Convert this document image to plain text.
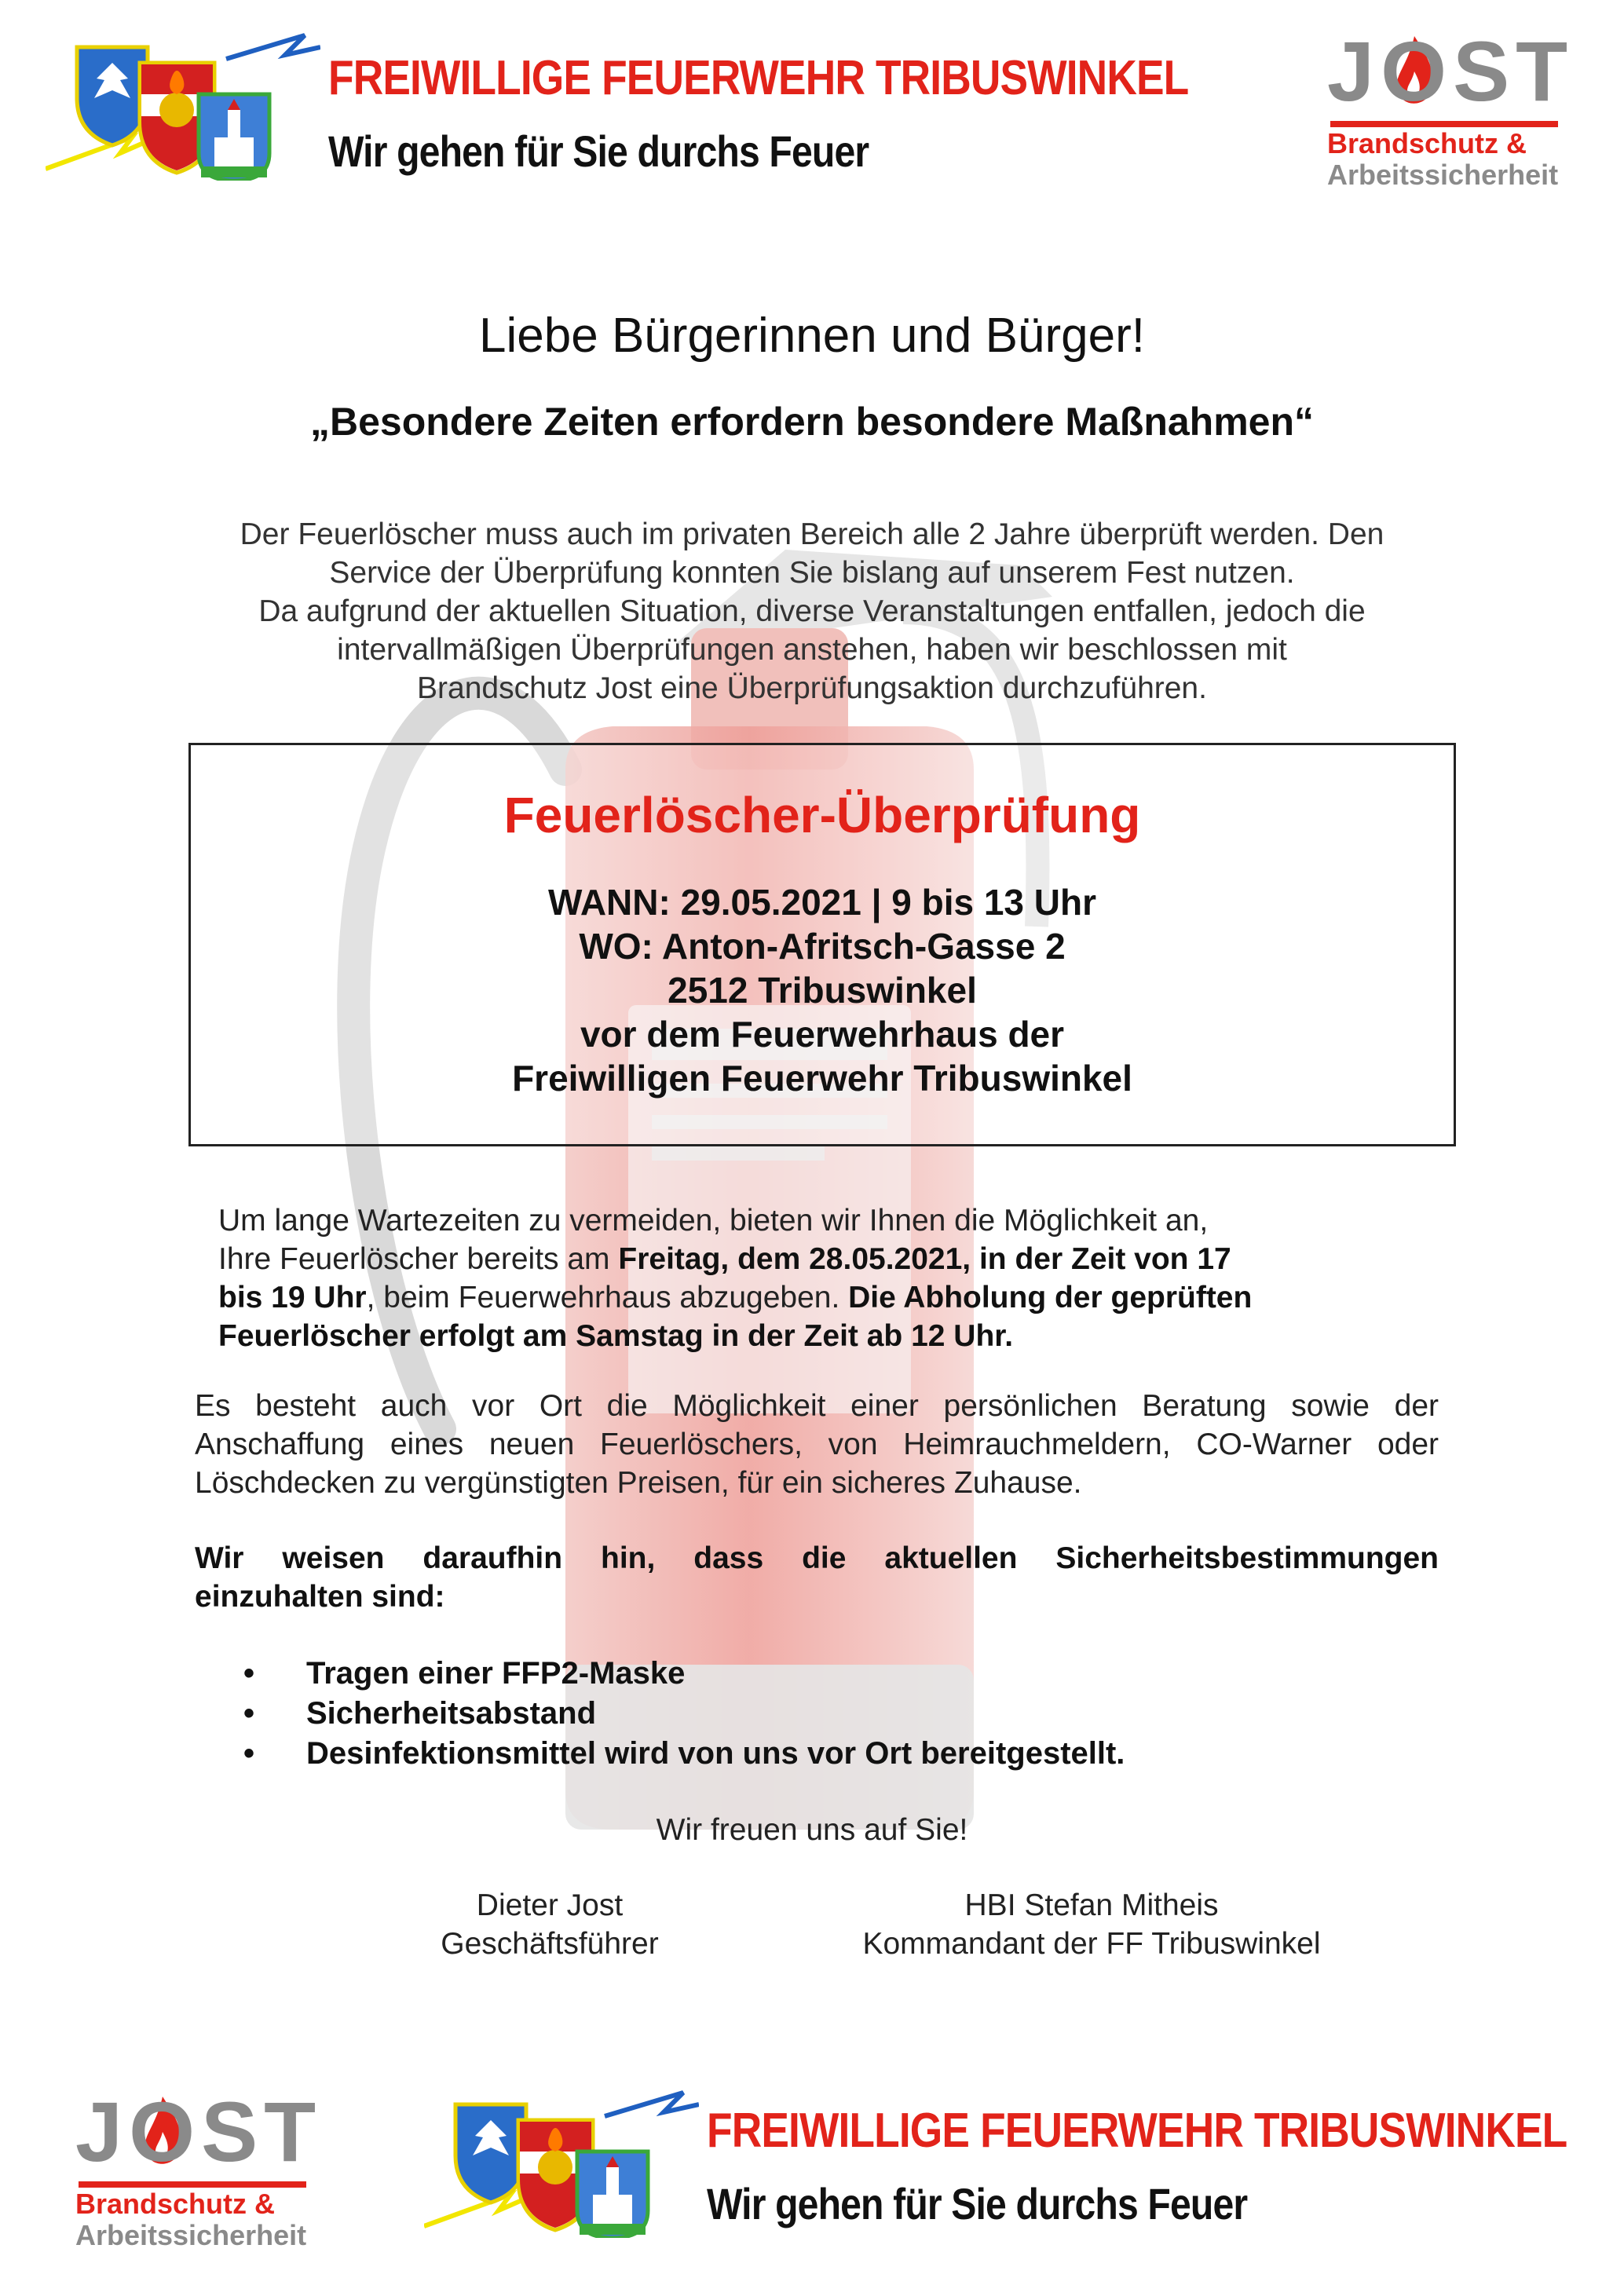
FREIWILLIGE FEUERWEHR TRIBUSWINKEL
Wir gehen für Sie durchs Feuer
JOST
Brandschutz &
Arbeitssicherheit
Liebe Bürgerinnen und Bürger!
„Besondere Zeiten erfordern besondere Maßnahmen“
Der Feuerlöscher muss auch im privaten Bereich alle 2 Jahre überprüft werden. Den
Service der Überprüfung konnten Sie bislang auf unserem Fest nutzen.
Da aufgrund der aktuellen Situation, diverse Veranstaltungen entfallen, jedoch die
intervallmäßigen Überprüfungen anstehen, haben wir beschlossen mit
Brandschutz Jost eine Überprüfungsaktion durchzuführen.
Feuerlöscher-Überprüfung
WANN: 29.05.2021 | 9 bis 13 Uhr
WO: Anton-Afritsch-Gasse 2
2512 Tribuswinkel
vor dem Feuerwehrhaus der
Freiwilligen Feuerwehr Tribuswinkel
Um lange Wartezeiten zu vermeiden, bieten wir Ihnen die Möglichkeit an,
Ihre Feuerlöscher bereits am Freitag, dem 28.05.2021, in der Zeit von 17
bis 19 Uhr, beim Feuerwehrhaus abzugeben. Die Abholung der geprüften
Feuerlöscher erfolgt am Samstag in der Zeit ab 12 Uhr.
Es besteht auch vor Ort die Möglichkeit einer persönlichen Beratung sowie der
Anschaffung eines neuen Feuerlöschers, von Heimrauchmeldern, CO-Warner oder
Löschdecken zu vergünstigten Preisen, für ein sicheres Zuhause.
Wir weisen daraufhin hin, dass die aktuellen Sicherheitsbestimmungen
einzuhalten sind:
• Tragen einer FFP2-Maske
• Sicherheitsabstand
• Desinfektionsmittel wird von uns vor Ort bereitgestellt.
Wir freuen uns auf Sie!
Dieter Jost
Geschäftsführer
HBI Stefan Mitheis
Kommandant der FF Tribuswinkel
JOST
Brandschutz &
Arbeitssicherheit
FREIWILLIGE FEUERWEHR TRIBUSWINKEL
Wir gehen für Sie durchs Feuer
